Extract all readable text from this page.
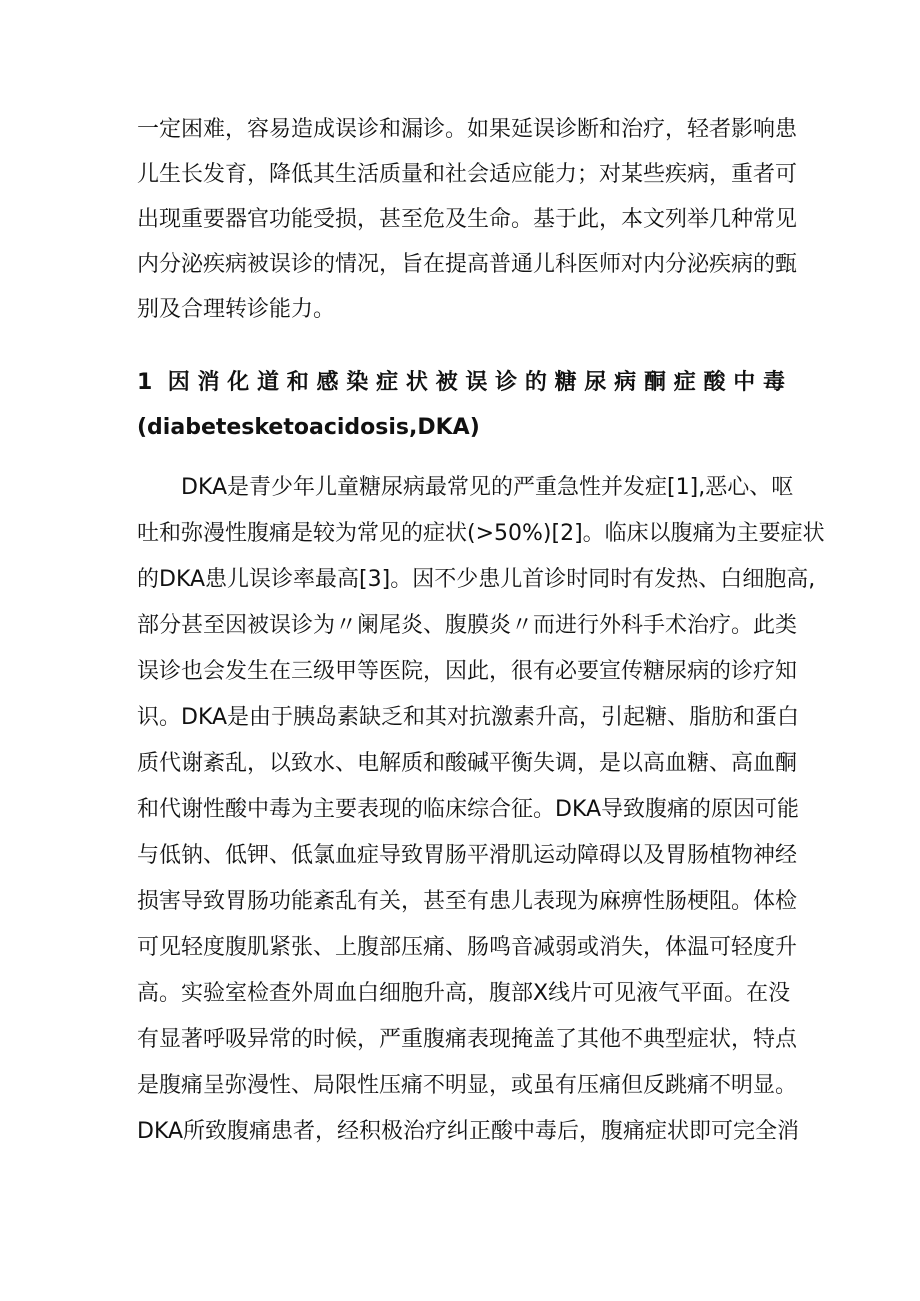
一定困难，容易造成误诊和漏诊。如果延误诊断和治疗，轻者影响患
儿生长发育，降低其生活质量和社会适应能力；对某些疾病，重者可
出现重要器官功能受损，甚至危及生命。基于此，本文列举几种常见
内分泌疾病被误诊的情况，旨在提高普通儿科医师对内分泌疾病的甄
别及合理转诊能力。
1 因消化道和感染症状被误诊的糖尿病酮症酸中毒
(diabetesketoacidosis,DKA)
DKA是青少年儿童糖尿病最常见的严重急性并发症[1],恶心、呕
吐和弥漫性腹痛是较为常见的症状(>50%)[2]。临床以腹痛为主要症状
的DKA患儿误诊率最高[3]。因不少患儿首诊时同时有发热、白细胞高,
部分甚至因被误诊为〃阑尾炎、腹膜炎〃而进行外科手术治疗。此类
误诊也会发生在三级甲等医院，因此，很有必要宣传糖尿病的诊疗知
识。DKA是由于胰岛素缺乏和其对抗激素升高，引起糖、脂肪和蛋白
质代谢紊乱，以致水、电解质和酸碱平衡失调，是以高血糖、高血酮
和代谢性酸中毒为主要表现的临床综合征。DKA导致腹痛的原因可能
与低钠、低钾、低氯血症导致胃肠平滑肌运动障碍以及胃肠植物神经
损害导致胃肠功能紊乱有关，甚至有患儿表现为麻痹性肠梗阻。体检
可见轻度腹肌紧张、上腹部压痛、肠鸣音减弱或消失，体温可轻度升
高。实验室检查外周血白细胞升高，腹部X线片可见液气平面。在没
有显著呼吸异常的时候，严重腹痛表现掩盖了其他不典型症状，特点
是腹痛呈弥漫性、局限性压痛不明显，或虽有压痛但反跳痛不明显。
DKA所致腹痛患者，经积极治疗纠正酸中毒后，腹痛症状即可完全消
